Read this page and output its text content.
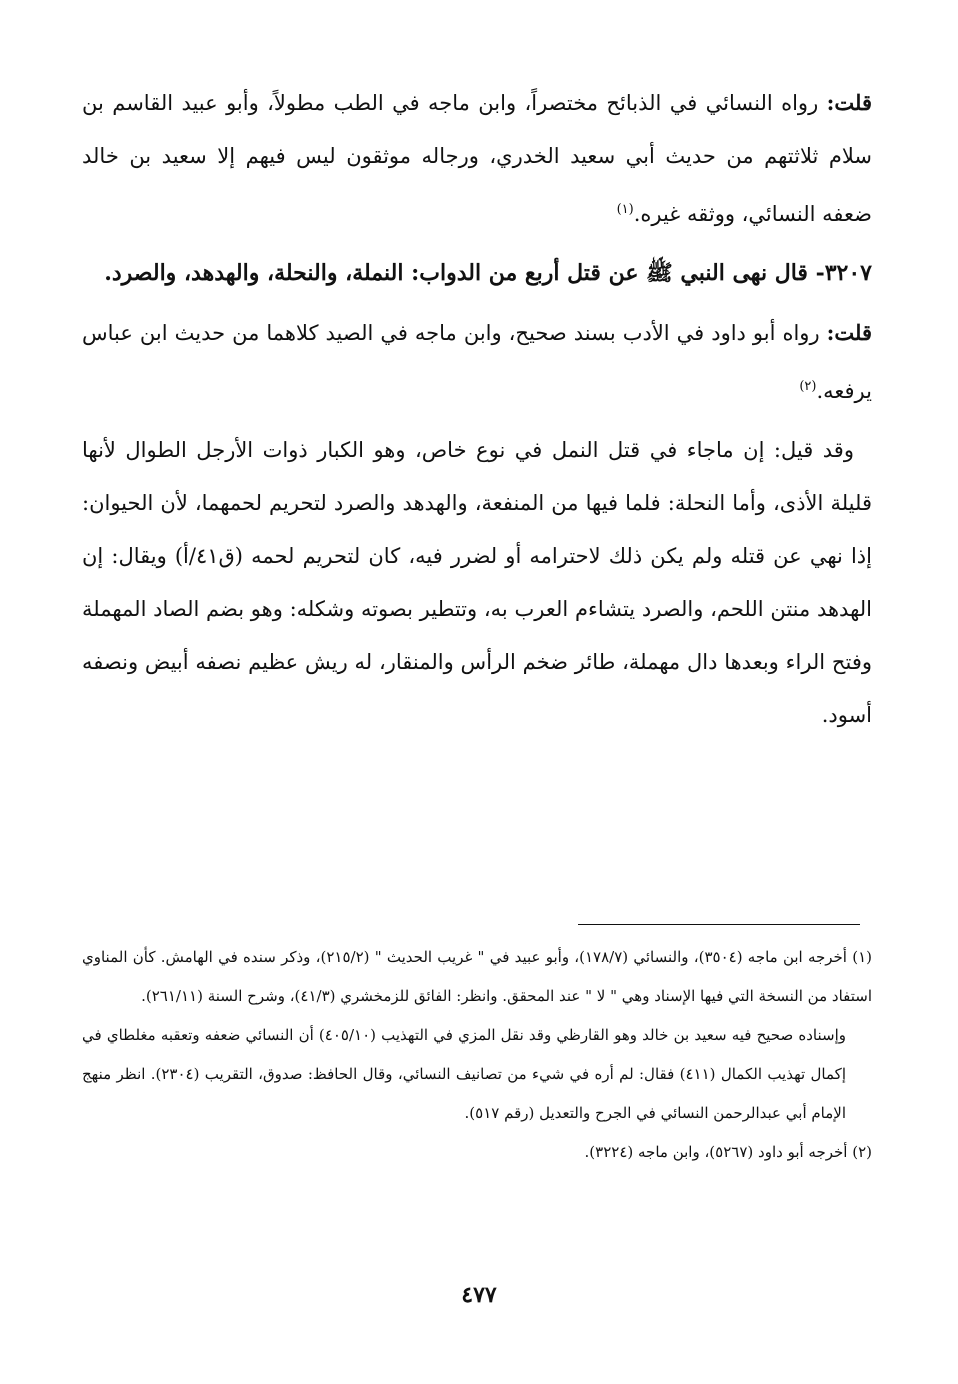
قلت: رواه النسائي في الذبائح مختصراً، وابن ماجه في الطب مطولاً، وأبو عبيد القاسم بن سلام ثلاثتهم من حديث أبي سعيد الخدري، ورجاله موثقون ليس فيهم إلا سعيد بن خالد ضعفه النسائي، ووثقه غيره.$^{(١)}$

٣٢٠٧- قال نهى النبي ﷺ عن قتل أربع من الدواب: النملة، والنحلة، والهدهد، والصرد.

قلت: رواه أبو داود في الأدب بسند صحيح، وابن ماجه في الصيد كلاهما من حديث ابن عباس يرفعه.$^{(٢)}$

وقد قيل: إن ماجاء في قتل النمل في نوع خاص، وهو الكبار ذوات الأرجل الطوال لأنها قليلة الأذى، وأما النحلة: فلما فيها من المنفعة، والهدهد والصرد لتحريم لحمهما، لأن الحيوان: إذا نهي عن قتله ولم يكن ذلك لاحترامه أو لضرر فيه، كان لتحريم لحمه (ق٤١/أ) ويقال: إن الهدهد منتن اللحم، والصرد يتشاءم العرب به، وتتطير بصوته وشكله: وهو بضم الصاد المهملة وفتح الراء وبعدها دال مهملة، طائر ضخم الرأس والمنقار، له ريش عظيم نصفه أبيض ونصفه أسود.

(١) أخرجه ابن ماجه (٣٥٠٤)، والنسائي (١٧٨/٧)، وأبو عبيد في " غريب الحديث " (٢١٥/٢)، وذكر سنده في الهامش. كأن المناوي استفاد من النسخة التي فيها الإسناد وهي " لا " عند المحقق. وانظر: الفائق للزمخشري (٤١/٣)، وشرح السنة (٢٦١/١١).

وإسناده صحيح فيه سعيد بن خالد وهو القارظي وقد نقل المزي في التهذيب (٤٠٥/١٠) أن النسائي ضعفه وتعقبه مغلطاي في إكمال تهذيب الكمال (٤١١) فقال: لم أره في شيء من تصانيف النسائي، وقال الحافظ: صدوق، التقريب (٢٣٠٤). انظر منهج الإمام أبي عبدالرحمن النسائي في الجرح والتعديل (رقم ٥١٧).

(٢) أخرجه أبو داود (٥٢٦٧)، وابن ماجه (٣٢٢٤).

٤٧٧
